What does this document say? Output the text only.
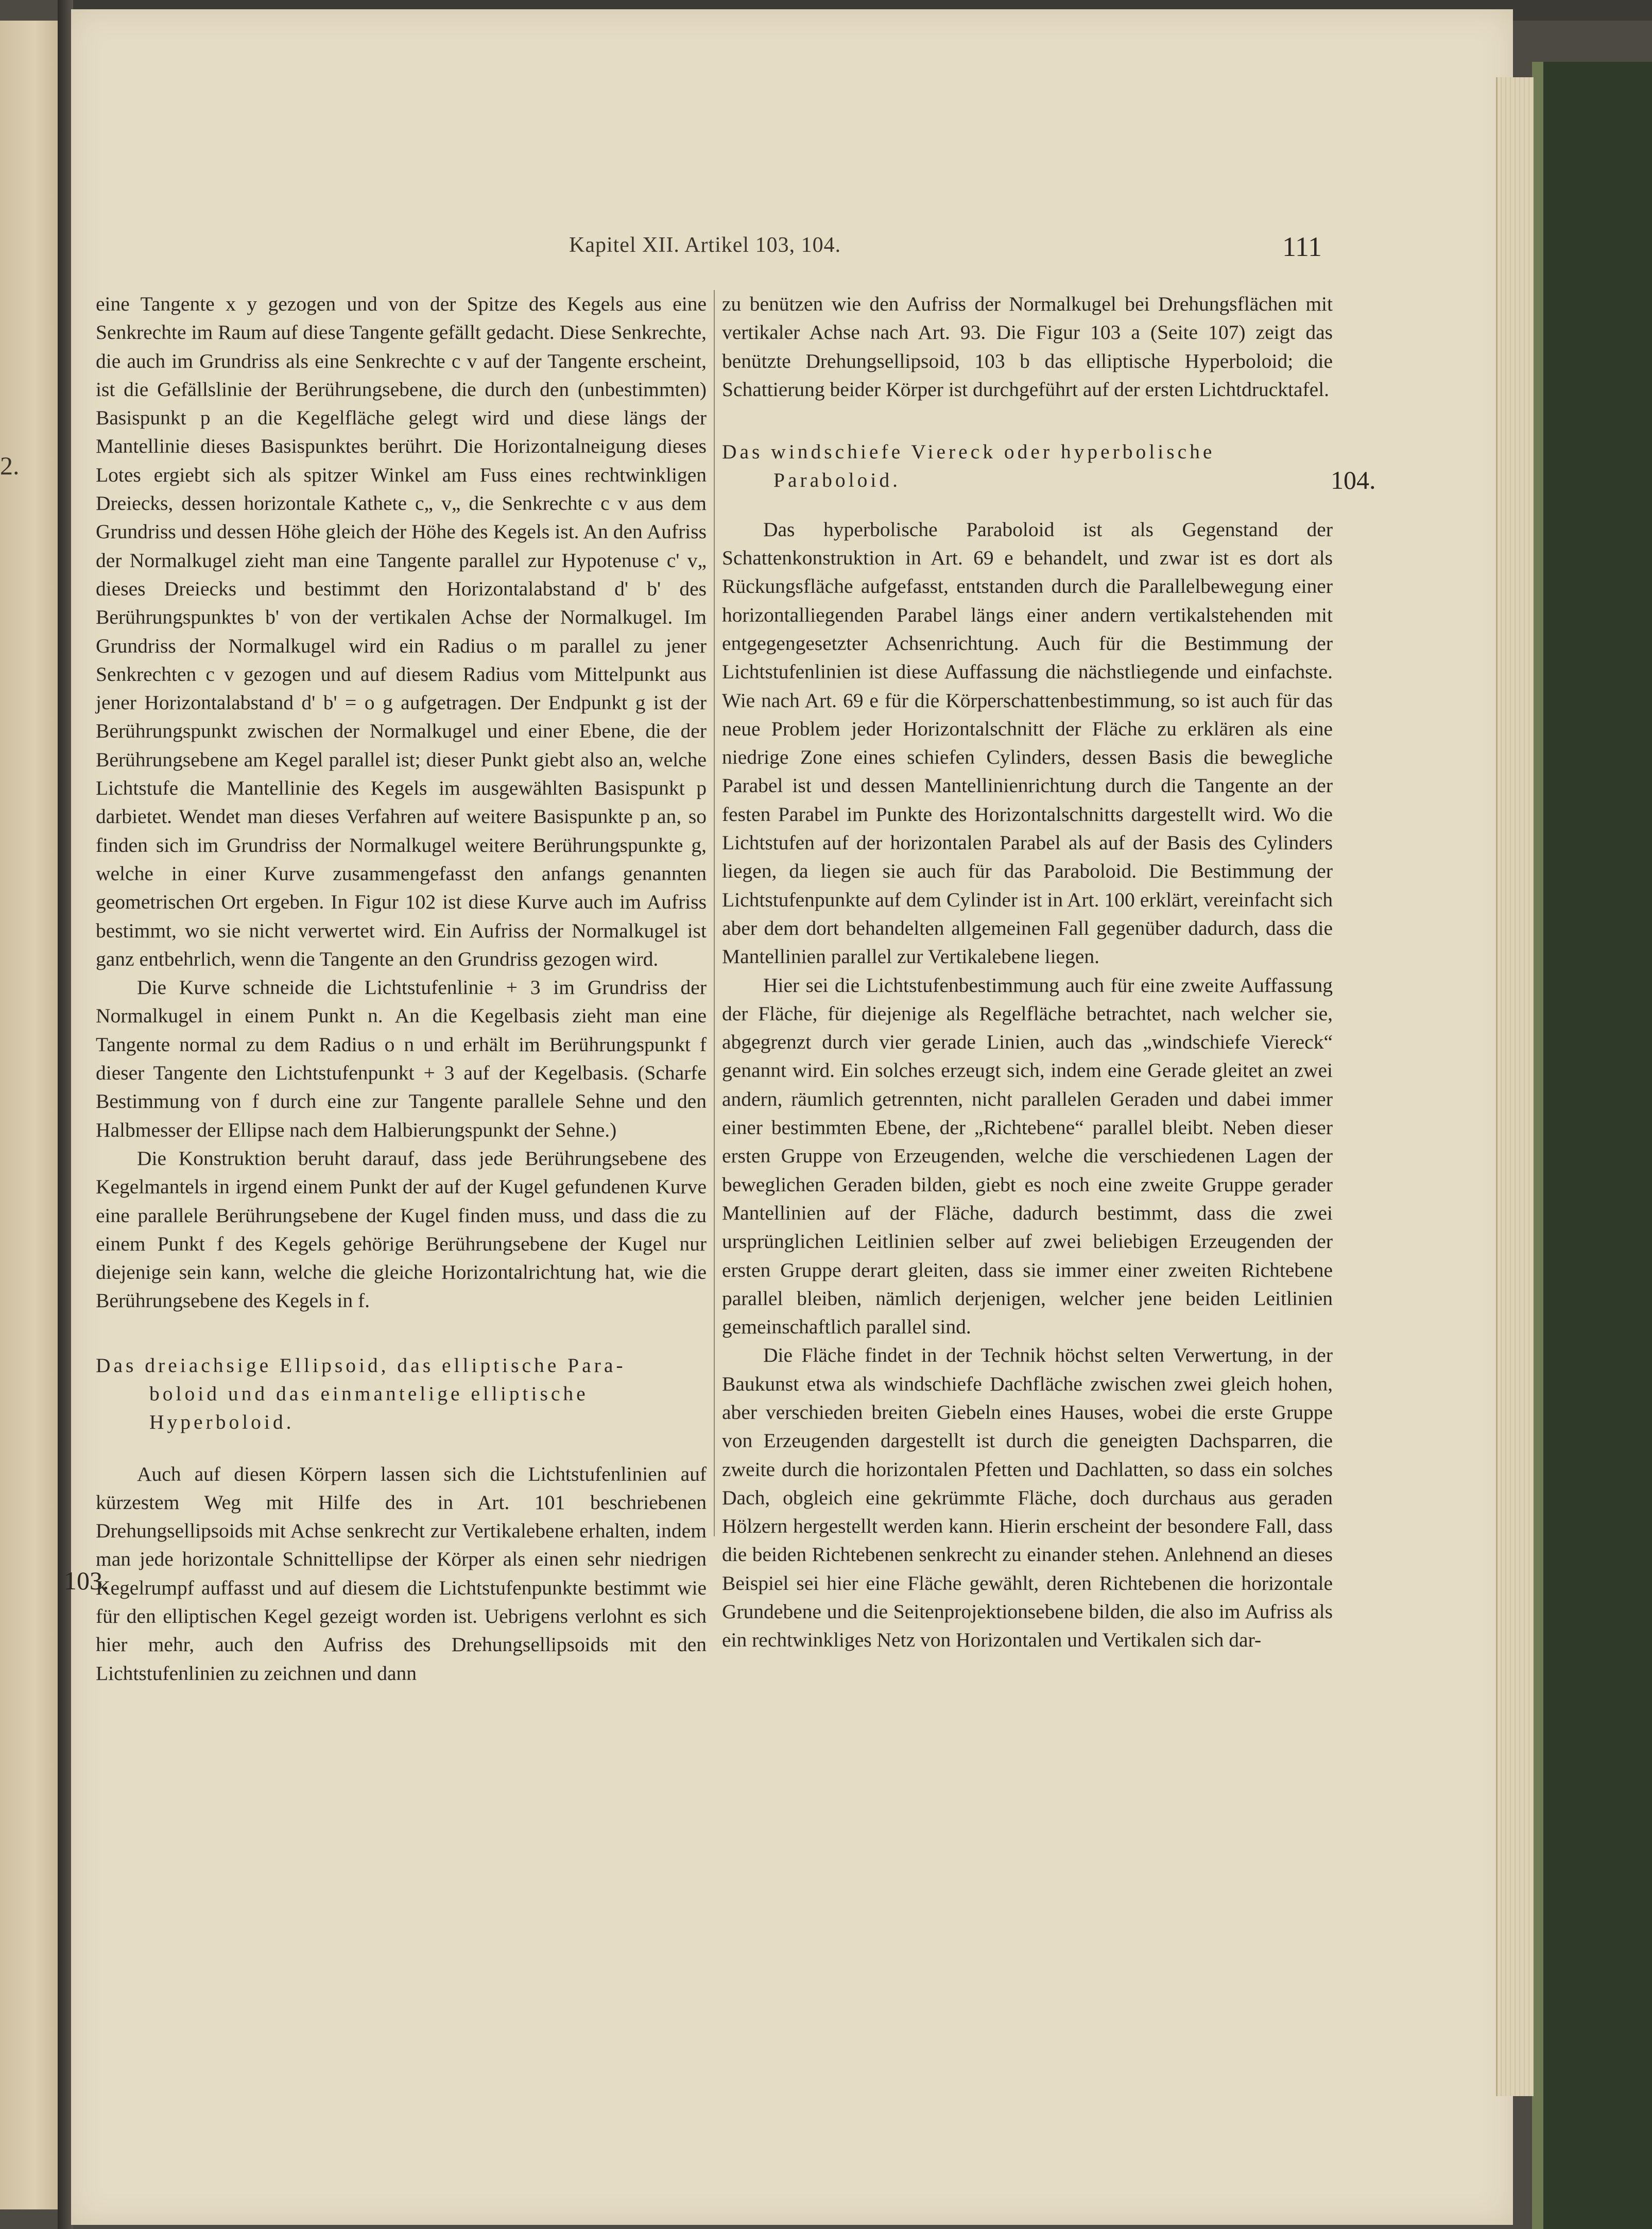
2.
Kapitel XII. Artikel 103, 104.	111

eine Tangente x y gezogen und von der Spitze des Kegels aus eine Senkrechte im Raum auf diese Tangente gefällt gedacht. Diese Senkrechte, die auch im Grundriss als eine Senkrechte c v auf der Tangente erscheint, ist die Gefällslinie der Berührungsebene, die durch den (unbestimmten) Basispunkt p an die Kegelfläche gelegt wird und diese längs der Mantellinie dieses Basispunktes berührt. Die Horizontalneigung dieses Lotes ergiebt sich als spitzer Winkel am Fuss eines rechtwinkligen Dreiecks, dessen horizontale Kathete c„ v„ die Senkrechte c v aus dem Grundriss und dessen Höhe gleich der Höhe des Kegels ist. An den Aufriss der Normalkugel zieht man eine Tangente parallel zur Hypotenuse c' v„ dieses Dreiecks und bestimmt den Horizontalabstand d' b' des Berührungspunktes b' von der vertikalen Achse der Normalkugel. Im Grundriss der Normalkugel wird ein Radius o m parallel zu jener Senkrechten c v gezogen und auf diesem Radius vom Mittelpunkt aus jener Horizontalabstand d' b' = o g aufgetragen. Der Endpunkt g ist der Berührungspunkt zwischen der Normalkugel und einer Ebene, die der Berührungsebene am Kegel parallel ist; dieser Punkt giebt also an, welche Lichtstufe die Mantellinie des Kegels im ausgewählten Basispunkt p darbietet. Wendet man dieses Verfahren auf weitere Basispunkte p an, so finden sich im Grundriss der Normalkugel weitere Berührungspunkte g, welche in einer Kurve zusammengefasst den anfangs genannten geometrischen Ort ergeben. In Figur 102 ist diese Kurve auch im Aufriss bestimmt, wo sie nicht verwertet wird. Ein Aufriss der Normalkugel ist ganz entbehrlich, wenn die Tangente an den Grundriss gezogen wird.

Die Kurve schneide die Lichtstufenlinie + 3 im Grundriss der Normalkugel in einem Punkt n. An die Kegelbasis zieht man eine Tangente normal zu dem Radius o n und erhält im Berührungspunkt f dieser Tangente den Lichtstufenpunkt + 3 auf der Kegelbasis. (Scharfe Bestimmung von f durch eine zur Tangente parallele Sehne und den Halbmesser der Ellipse nach dem Halbierungspunkt der Sehne.)

Die Konstruktion beruht darauf, dass jede Berührungsebene des Kegelmantels in irgend einem Punkt der auf der Kugel gefundenen Kurve eine parallele Berührungsebene der Kugel finden muss, und dass die zu einem Punkt f des Kegels gehörige Berührungsebene der Kugel nur diejenige sein kann, welche die gleiche Horizontalrichtung hat, wie die Berührungsebene des Kegels in f.

Das dreiachsige Ellipsoid, das elliptische Para-
boloid und das einmantelige elliptische
Hyperboloid.

Auch auf diesen Körpern lassen sich die Lichtstufenlinien auf kürzestem Weg mit Hilfe des in Art. 101 beschriebenen Drehungsellipsoids mit Achse senkrecht zur Vertikalebene erhalten, indem man jede horizontale Schnittellipse der Körper als einen sehr niedrigen Kegelrumpf auffasst und auf diesem die Lichtstufenpunkte bestimmt wie für den elliptischen Kegel gezeigt worden ist. Uebrigens verlohnt es sich hier mehr, auch den Aufriss des Drehungsellipsoids mit den Lichtstufenlinien zu zeichnen und dann

103.

zu benützen wie den Aufriss der Normalkugel bei Drehungsflächen mit vertikaler Achse nach Art. 93. Die Figur 103 a (Seite 107) zeigt das benützte Drehungsellipsoid, 103 b das elliptische Hyperboloid; die Schattierung beider Körper ist durchgeführt auf der ersten Lichtdrucktafel.

Das windschiefe Viereck oder hyperbolische
Paraboloid.

Das hyperbolische Paraboloid ist als Gegenstand der Schattenkonstruktion in Art. 69 e behandelt, und zwar ist es dort als Rückungsfläche aufgefasst, entstanden durch die Parallelbewegung einer horizontalliegenden Parabel längs einer andern vertikalstehenden mit entgegengesetzter Achsenrichtung. Auch für die Bestimmung der Lichtstufenlinien ist diese Auffassung die nächstliegende und einfachste. Wie nach Art. 69 e für die Körperschattenbestimmung, so ist auch für das neue Problem jeder Horizontalschnitt der Fläche zu erklären als eine niedrige Zone eines schiefen Cylinders, dessen Basis die bewegliche Parabel ist und dessen Mantellinienrichtung durch die Tangente an der festen Parabel im Punkte des Horizontalschnitts dargestellt wird. Wo die Lichtstufen auf der horizontalen Parabel als auf der Basis des Cylinders liegen, da liegen sie auch für das Paraboloid. Die Bestimmung der Lichtstufenpunkte auf dem Cylinder ist in Art. 100 erklärt, vereinfacht sich aber dem dort behandelten allgemeinen Fall gegenüber dadurch, dass die Mantellinien parallel zur Vertikalebene liegen.

Hier sei die Lichtstufenbestimmung auch für eine zweite Auffassung der Fläche, für diejenige als Regelfläche betrachtet, nach welcher sie, abgegrenzt durch vier gerade Linien, auch das „windschiefe Viereck“ genannt wird. Ein solches erzeugt sich, indem eine Gerade gleitet an zwei andern, räumlich getrennten, nicht parallelen Geraden und dabei immer einer bestimmten Ebene, der „Richtebene“ parallel bleibt. Neben dieser ersten Gruppe von Erzeugenden, welche die verschiedenen Lagen der beweglichen Geraden bilden, giebt es noch eine zweite Gruppe gerader Mantellinien auf der Fläche, dadurch bestimmt, dass die zwei ursprünglichen Leitlinien selber auf zwei beliebigen Erzeugenden der ersten Gruppe derart gleiten, dass sie immer einer zweiten Richtebene parallel bleiben, nämlich derjenigen, welcher jene beiden Leitlinien gemeinschaftlich parallel sind.

Die Fläche findet in der Technik höchst selten Verwertung, in der Baukunst etwa als windschiefe Dachfläche zwischen zwei gleich hohen, aber verschieden breiten Giebeln eines Hauses, wobei die erste Gruppe von Erzeugenden dargestellt ist durch die geneigten Dachsparren, die zweite durch die horizontalen Pfetten und Dachlatten, so dass ein solches Dach, obgleich eine gekrümmte Fläche, doch durchaus aus geraden Hölzern hergestellt werden kann. Hierin erscheint der besondere Fall, dass die beiden Richtebenen senkrecht zu einander stehen. Anlehnend an dieses Beispiel sei hier eine Fläche gewählt, deren Richtebenen die horizontale Grundebene und die Seitenprojektionsebene bilden, die also im Aufriss als ein rechtwinkliges Netz von Horizontalen und Vertikalen sich dar-

104.
